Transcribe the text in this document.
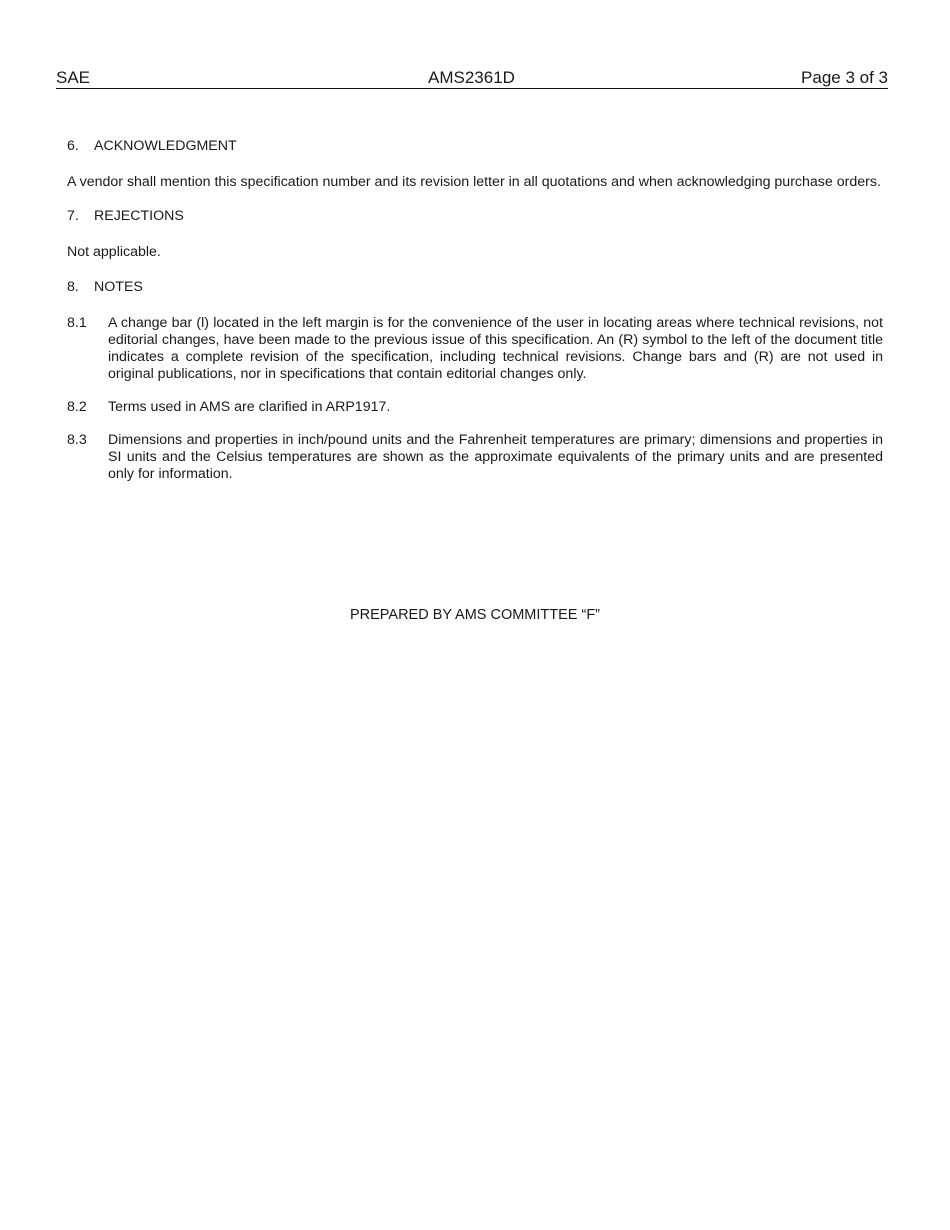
SAE	AMS2361D	Page 3 of 3
6. ACKNOWLEDGMENT

A vendor shall mention this specification number and its revision letter in all quotations and when acknowledging purchase orders.

7. REJECTIONS

Not applicable.

8. NOTES
8.1 A change bar (l) located in the left margin is for the convenience of the user in locating areas where technical revisions, not editorial changes, have been made to the previous issue of this specification. An (R) symbol to the left of the document title indicates a complete revision of the specification, including technical revisions. Change bars and (R) are not used in original publications, nor in specifications that contain editorial changes only.
8.2 Terms used in AMS are clarified in ARP1917.
8.3 Dimensions and properties in inch/pound units and the Fahrenheit temperatures are primary; dimensions and properties in SI units and the Celsius temperatures are shown as the approximate equivalents of the primary units and are presented only for information.
PREPARED BY AMS COMMITTEE “F”
